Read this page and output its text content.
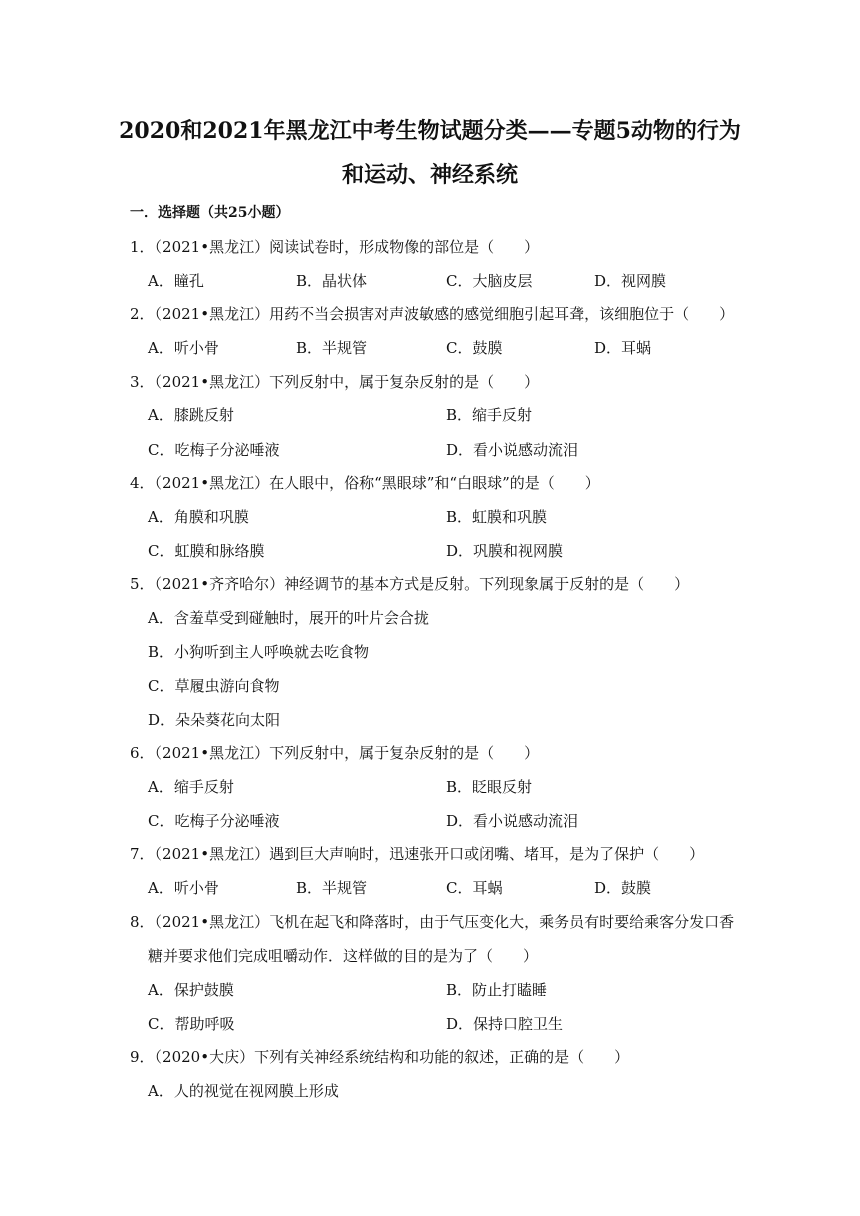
2020和2021年黑龙江中考生物试题分类——专题5动物的行为
和运动、神经系统
一．选择题（共25小题）
1．（2021•黑龙江）阅读试卷时，形成物像的部位是（　　）
A．瞳孔	B．晶状体	C．大脑皮层	D．视网膜
2．（2021•黑龙江）用药不当会损害对声波敏感的感觉细胞引起耳聋，该细胞位于（　　）
A．听小骨	B．半规管	C．鼓膜	D．耳蜗
3．（2021•黑龙江）下列反射中，属于复杂反射的是（　　）
A．膝跳反射	B．缩手反射
C．吃梅子分泌唾液	D．看小说感动流泪
4．（2021•黑龙江）在人眼中，俗称“黑眼球”和“白眼球”的是（　　）
A．角膜和巩膜	B．虹膜和巩膜
C．虹膜和脉络膜	D．巩膜和视网膜
5．（2021•齐齐哈尔）神经调节的基本方式是反射。下列现象属于反射的是（　　）
A．含羞草受到碰触时，展开的叶片会合拢
B．小狗听到主人呼唤就去吃食物
C．草履虫游向食物
D．朵朵葵花向太阳
6．（2021•黑龙江）下列反射中，属于复杂反射的是（　　）
A．缩手反射	B．眨眼反射
C．吃梅子分泌唾液	D．看小说感动流泪
7．（2021•黑龙江）遇到巨大声响时，迅速张开口或闭嘴、堵耳，是为了保护（　　）
A．听小骨	B．半规管	C．耳蜗	D．鼓膜
8．（2021•黑龙江）飞机在起飞和降落时，由于气压变化大，乘务员有时要给乘客分发口香
糖并要求他们完成咀嚼动作．这样做的目的是为了（　　）
A．保护鼓膜	B．防止打瞌睡
C．帮助呼吸	D．保持口腔卫生
9．（2020•大庆）下列有关神经系统结构和功能的叙述，正确的是（　　）
A．人的视觉在视网膜上形成
